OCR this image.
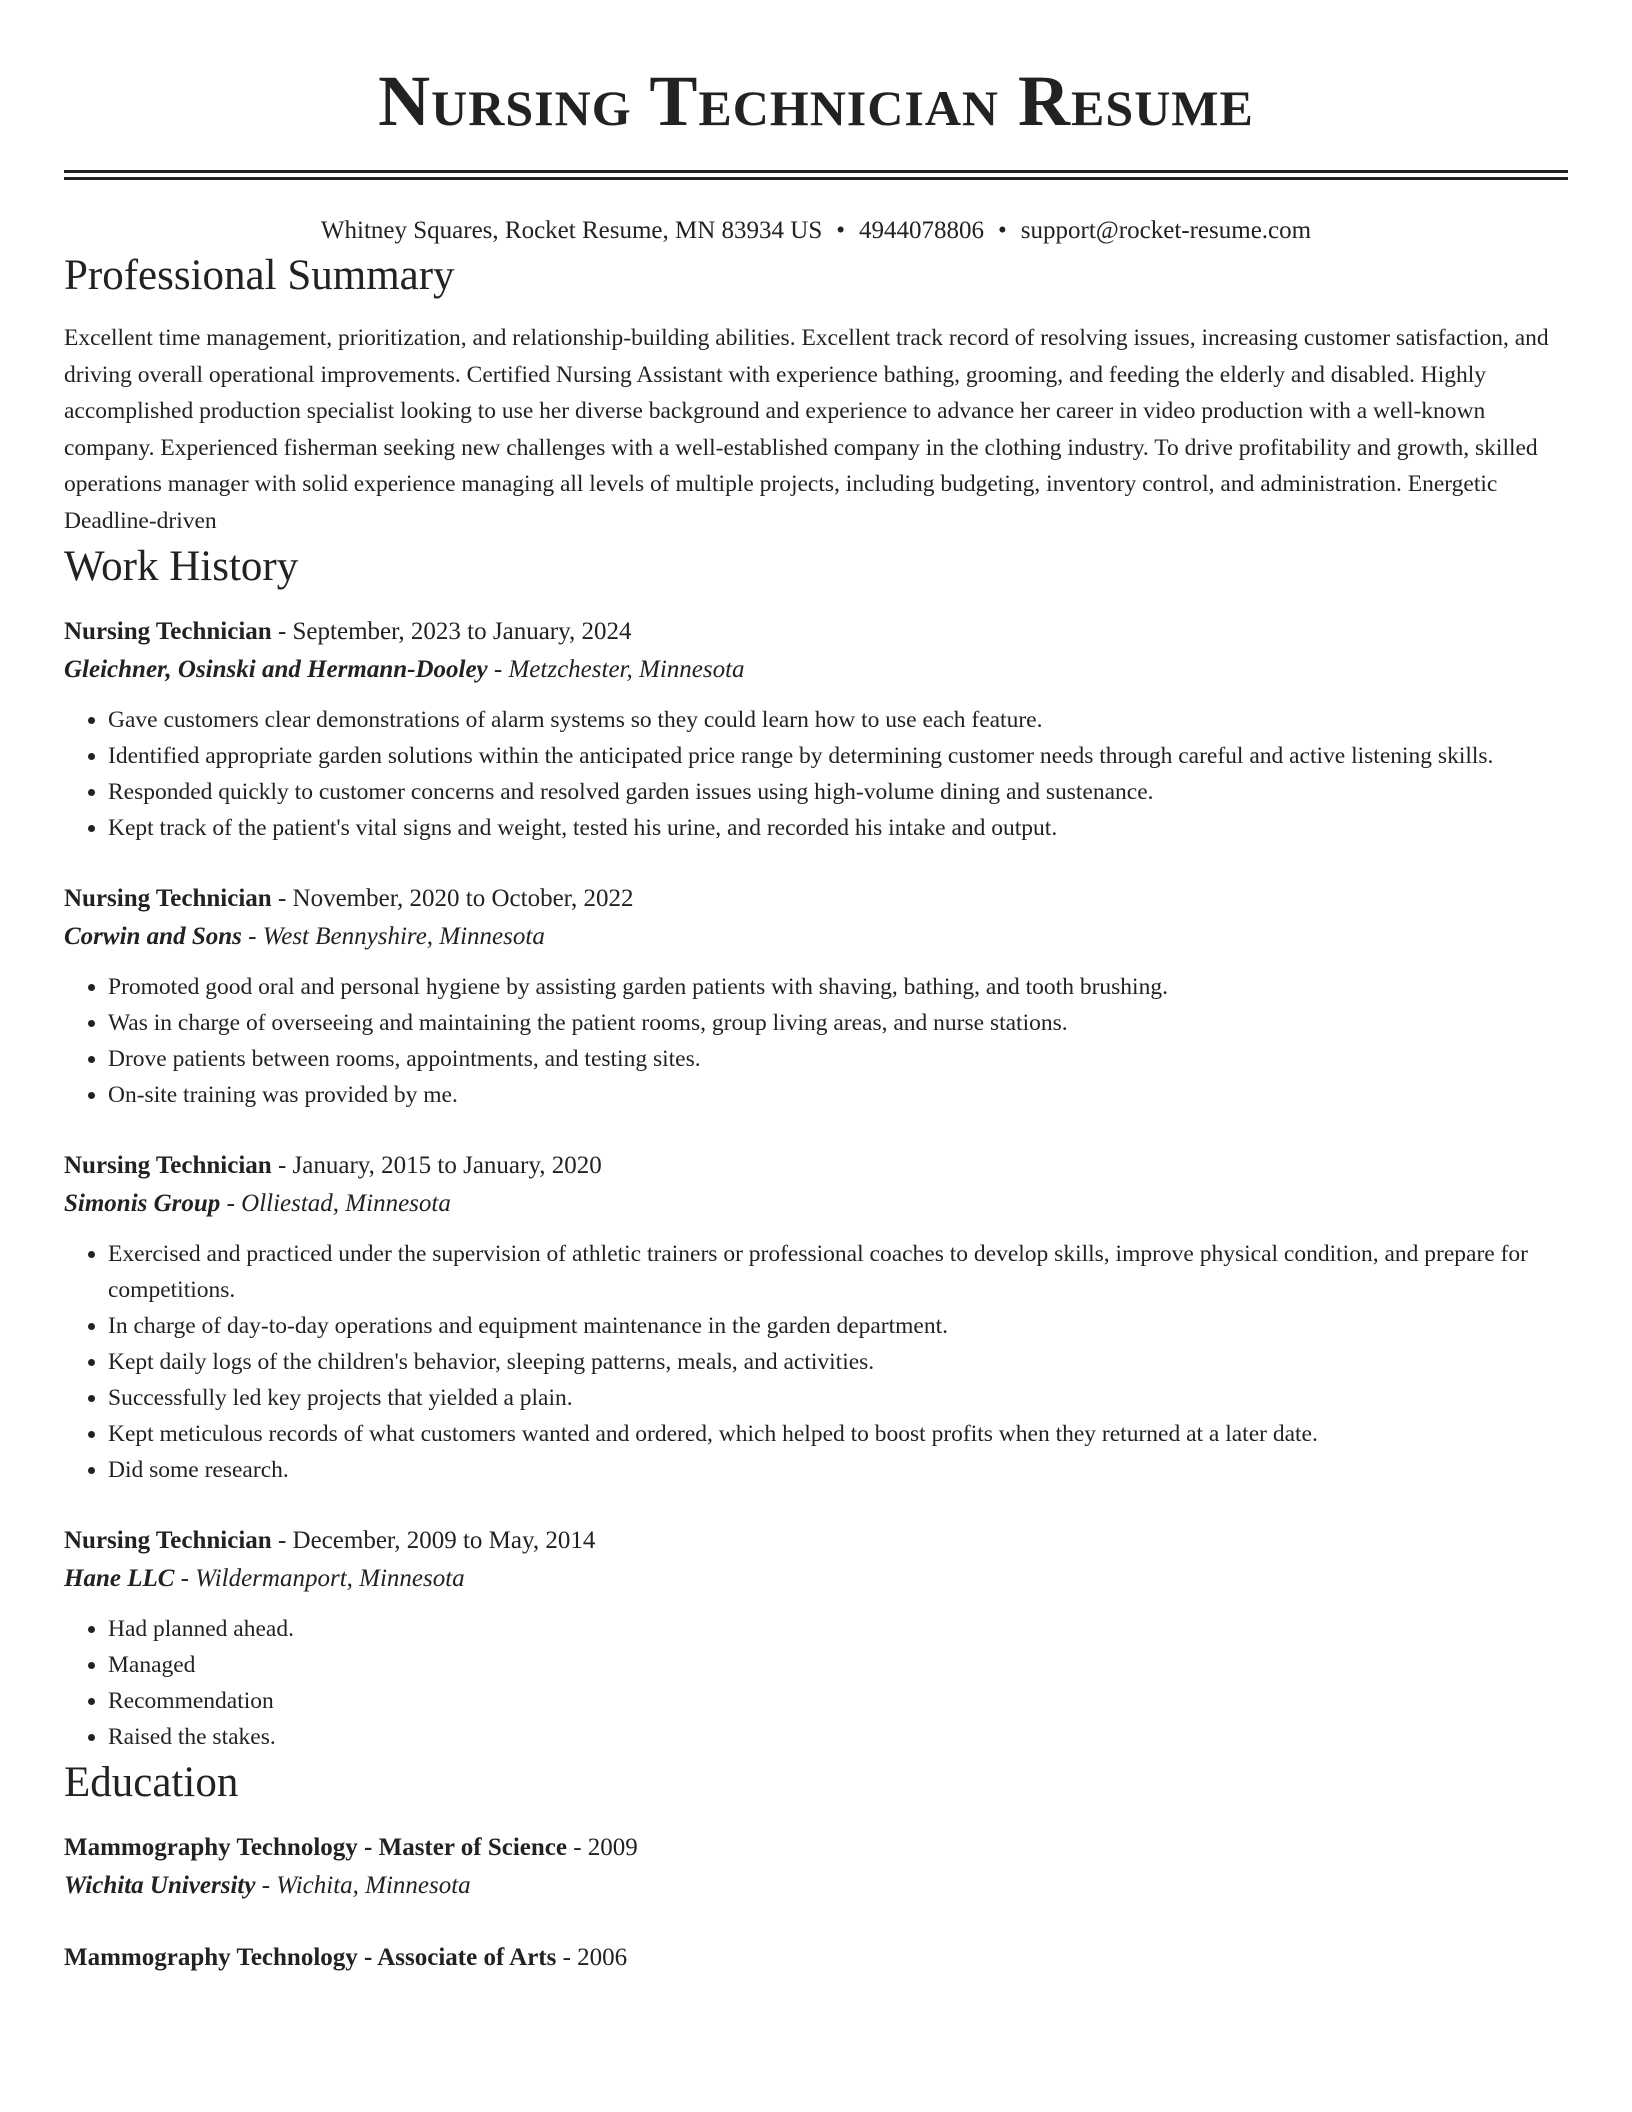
Nursing Technician Resume
Whitney Squares, Rocket Resume, MN 83934 US • 4944078806 • support@rocket-resume.com
Professional Summary
Excellent time management, prioritization, and relationship-building abilities. Excellent track record of resolving issues, increasing customer satisfaction, and driving overall operational improvements. Certified Nursing Assistant with experience bathing, grooming, and feeding the elderly and disabled. Highly accomplished production specialist looking to use her diverse background and experience to advance her career in video production with a well-known company. Experienced fisherman seeking new challenges with a well-established company in the clothing industry. To drive profitability and growth, skilled operations manager with solid experience managing all levels of multiple projects, including budgeting, inventory control, and administration. Energetic Deadline-driven
Work History
Nursing Technician - September, 2023 to January, 2024
Gleichner, Osinski and Hermann-Dooley - Metzchester, Minnesota
• Gave customers clear demonstrations of alarm systems so they could learn how to use each feature.
• Identified appropriate garden solutions within the anticipated price range by determining customer needs through careful and active listening skills.
• Responded quickly to customer concerns and resolved garden issues using high-volume dining and sustenance.
• Kept track of the patient's vital signs and weight, tested his urine, and recorded his intake and output.
Nursing Technician - November, 2020 to October, 2022
Corwin and Sons - West Bennyshire, Minnesota
• Promoted good oral and personal hygiene by assisting garden patients with shaving, bathing, and tooth brushing.
• Was in charge of overseeing and maintaining the patient rooms, group living areas, and nurse stations.
• Drove patients between rooms, appointments, and testing sites.
• On-site training was provided by me.
Nursing Technician - January, 2015 to January, 2020
Simonis Group - Olliestad, Minnesota
• Exercised and practiced under the supervision of athletic trainers or professional coaches to develop skills, improve physical condition, and prepare for competitions.
• In charge of day-to-day operations and equipment maintenance in the garden department.
• Kept daily logs of the children's behavior, sleeping patterns, meals, and activities.
• Successfully led key projects that yielded a plain.
• Kept meticulous records of what customers wanted and ordered, which helped to boost profits when they returned at a later date.
• Did some research.
Nursing Technician - December, 2009 to May, 2014
Hane LLC - Wildermanport, Minnesota
• Had planned ahead.
• Managed
• Recommendation
• Raised the stakes.
Education
Mammography Technology - Master of Science - 2009
Wichita University - Wichita, Minnesota
Mammography Technology - Associate of Arts - 2006
